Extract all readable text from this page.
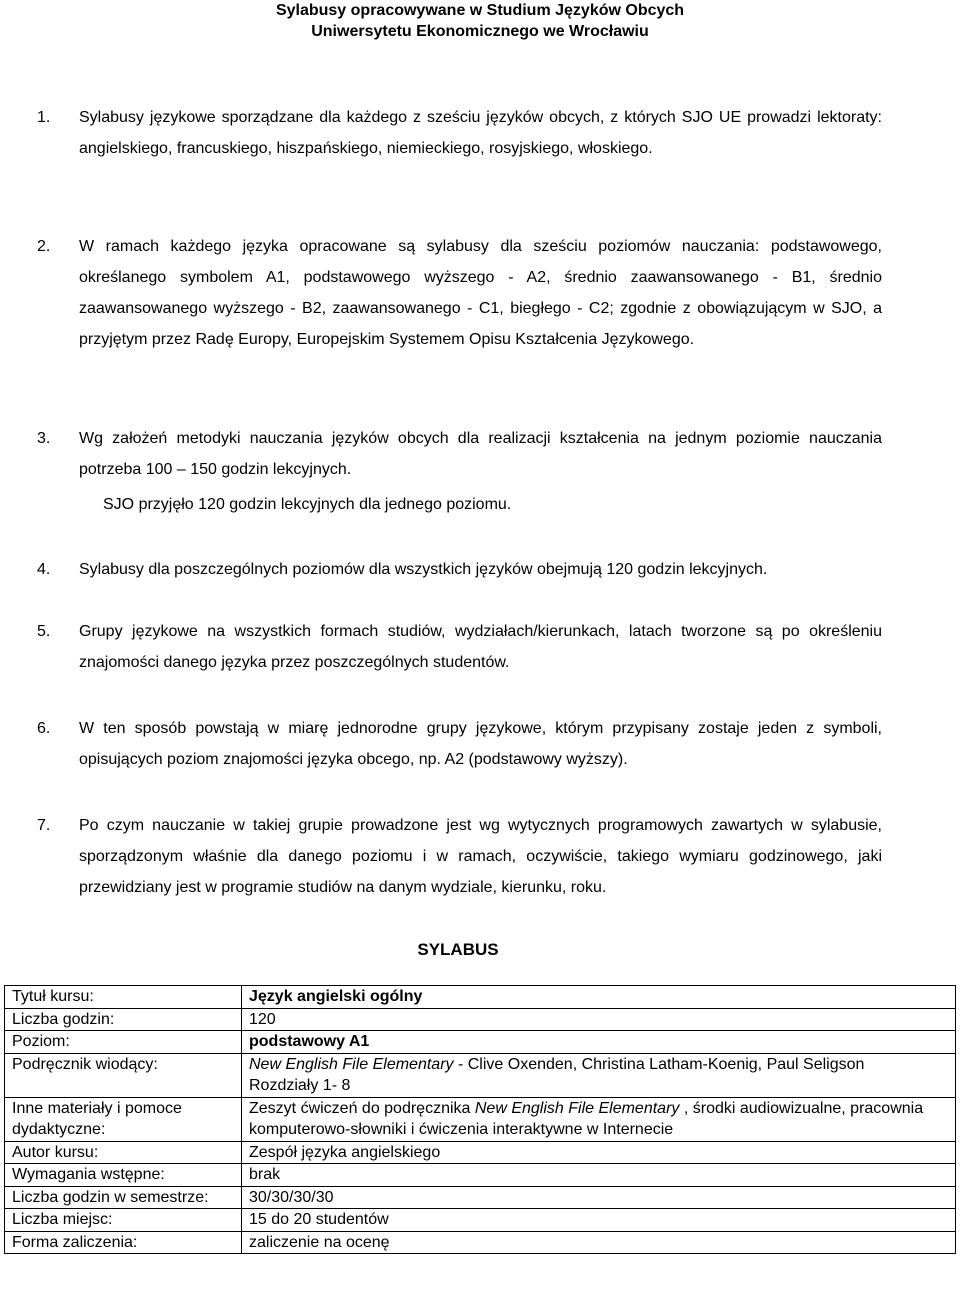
Sylabusy opracowywane w Studium Języków Obcych
Uniwersytetu Ekonomicznego we Wrocławiu
1. Sylabusy językowe sporządzane dla każdego z sześciu języków obcych, z których SJO UE prowadzi lektoraty: angielskiego, francuskiego, hiszpańskiego, niemieckiego, rosyjskiego, włoskiego.
2. W ramach każdego języka opracowane są sylabusy dla sześciu poziomów nauczania: podstawowego, określanego symbolem A1, podstawowego wyższego - A2, średnio zaawansowanego - B1, średnio zaawansowanego wyższego - B2, zaawansowanego - C1, biegłego - C2; zgodnie z obowiązującym w SJO, a przyjętym przez Radę Europy, Europejskim Systemem Opisu Kształcenia Językowego.
3. Wg założeń metodyki nauczania języków obcych dla realizacji kształcenia na jednym poziomie nauczania potrzeba 100 – 150 godzin lekcyjnych.
SJO przyjęło 120 godzin lekcyjnych dla jednego poziomu.
4. Sylabusy dla poszczególnych poziomów dla wszystkich języków obejmują 120 godzin lekcyjnych.
5. Grupy językowe na wszystkich formach studiów, wydziałach/kierunkach, latach tworzone są po określeniu znajomości danego języka przez poszczególnych studentów.
6. W ten sposób powstają w miarę jednorodne grupy językowe, którym przypisany zostaje jeden z symboli, opisujących poziom znajomości języka obcego, np. A2 (podstawowy wyższy).
7. Po czym nauczanie w takiej grupie prowadzone jest wg wytycznych programowych zawartych w sylabusie, sporządzonym właśnie dla danego poziomu i w ramach, oczywiście, takiego wymiaru godzinowego, jaki przewidziany jest w programie studiów na danym wydziale, kierunku, roku.
SYLABUS
Tytuł kursu:	Język angielski ogólny
Liczba godzin:	120
Poziom:	podstawowy A1
Podręcznik wiodący:	New English File Elementary - Clive Oxenden, Christina Latham-Koenig, Paul Seligson
Rozdziały 1- 8

Inne materiały i pomoce dydaktyczne:	Zeszyt ćwiczeń do podręcznika New English File Elementary , środki audiowizualne, pracownia komputerowo-słowniki i ćwiczenia interaktywne w Internecie
Autor kursu:	Zespół języka angielskiego
Wymagania wstępne:	brak
Liczba godzin w semestrze:	30/30/30/30
Liczba miejsc:	15 do 20 studentów
Forma zaliczenia:	zaliczenie na ocenę
